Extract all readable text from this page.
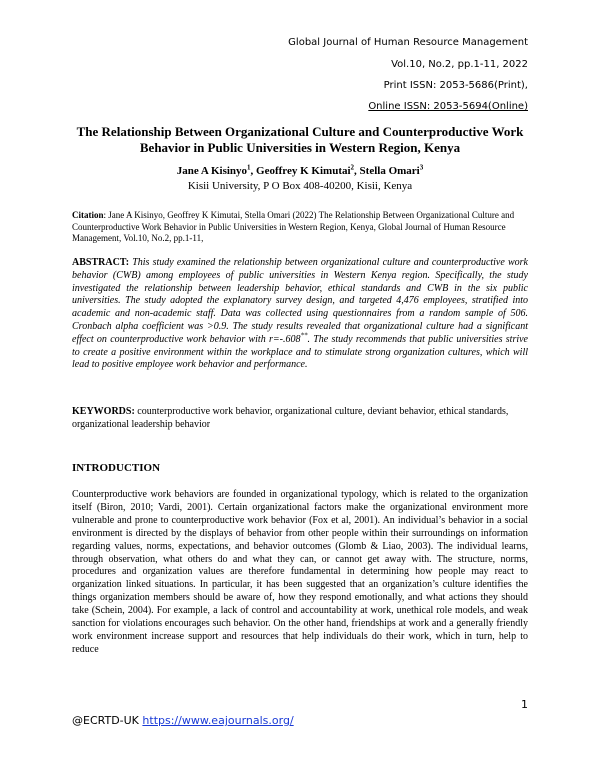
Global Journal of Human Resource Management
Vol.10, No.2, pp.1-11, 2022
Print ISSN: 2053-5686(Print),
Online ISSN: 2053-5694(Online)
The Relationship Between Organizational Culture and Counterproductive Work Behavior in Public Universities in Western Region, Kenya
Jane A Kisinyo$^1$, Geoffrey K Kimutai$^2$, Stella Omari$^3$
Kisii University, P O Box 408-40200, Kisii, Kenya
Citation: Jane A Kisinyo, Geoffrey K Kimutai, Stella Omari (2022) The Relationship Between Organizational Culture and Counterproductive Work Behavior in Public Universities in Western Region, Kenya, Global Journal of Human Resource Management, Vol.10, No.2, pp.1-11,
ABSTRACT: This study examined the relationship between organizational culture and counterproductive work behavior (CWB) among employees of public universities in Western Kenya region. Specifically, the study investigated the relationship between leadership behavior, ethical standards and CWB in the six public universities. The study adopted the explanatory survey design, and targeted 4,476 employees, stratified into academic and non-academic staff. Data was collected using questionnaires from a random sample of 506. Cronbach alpha coefficient was >0.9. The study results revealed that organizational culture had a significant effect on counterproductive work behavior with r=-.608**. The study recommends that public universities strive to create a positive environment within the workplace and to stimulate strong organization cultures, which will lead to positive employee work behavior and performance.
KEYWORDS: counterproductive work behavior, organizational culture, deviant behavior, ethical standards, organizational leadership behavior
INTRODUCTION
Counterproductive work behaviors are founded in organizational typology, which is related to the organization itself (Biron, 2010; Vardi, 2001). Certain organizational factors make the organizational environment more vulnerable and prone to counterproductive work behavior (Fox et al, 2001). An individual’s behavior in a social environment is directed by the displays of behavior from other people within their surroundings on information regarding values, norms, expectations, and behavior outcomes (Glomb & Liao, 2003). The individual learns, through observation, what others do and what they can, or cannot get away with. The structure, norms, procedures and organization values are therefore fundamental in determining how people may react to organization linked situations. In particular, it has been suggested that an organization’s culture identifies the things organization members should be aware of, how they respond emotionally, and what actions they should take (Schein, 2004). For example, a lack of control and accountability at work, unethical role models, and weak sanction for violations encourages such behavior. On the other hand, friendships at work and a generally friendly work environment increase support and resources that help individuals do their work, which in turn, help to reduce
1
@ECRTD-UK https://www.eajournals.org/
